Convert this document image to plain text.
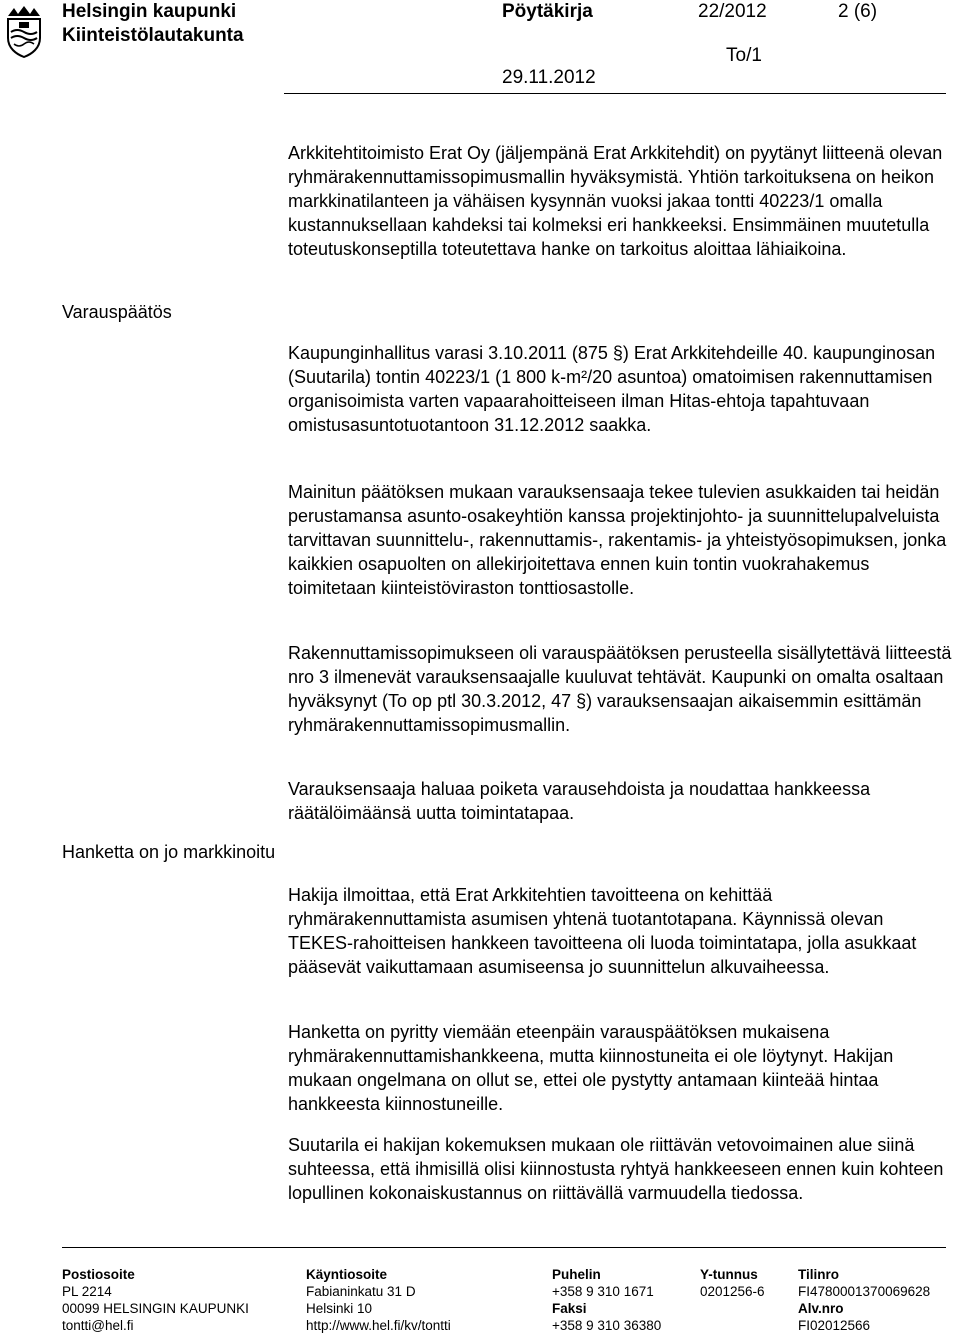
Helsingin kaupunki
Kiinteistölautakunta
Pöytäkirja	22/2012	2 (6)
To/1
29.11.2012
Varauspäätös
Hanketta on jo markkinoitu

Arkkitehtitoimisto Erat Oy (jäljempänä Erat Arkkitehdit) on pyytänyt liitteenä olevan ryhmärakennuttamissopimusmallin hyväksymistä. Yhtiön tarkoituksena on heikon markkinatilanteen ja vähäisen kysynnän vuoksi jakaa tontti 40223/1 omalla kustannuksellaan kahdeksi tai kolmeksi eri hankkeeksi. Ensimmäinen muutetulla toteutuskonseptilla toteutettava hanke on tarkoitus aloittaa lähiaikoina.

Kaupunginhallitus varasi 3.10.2011 (875 §) Erat Arkkitehdeille 40. kaupunginosan (Suutarila) tontin 40223/1 (1 800 k-m²/20 asuntoa) omatoimisen rakennuttamisen organisoimista varten vapaarahoitteiseen ilman Hitas-ehtoja tapahtuvaan omistusasuntotuotantoon 31.12.2012 saakka.

Mainitun päätöksen mukaan varauksensaaja tekee tulevien asukkaiden tai heidän perustamansa asunto-osakeyhtiön kanssa projektinjohto- ja suunnittelupalveluista tarvittavan suunnittelu-, rakennuttamis-, rakentamis- ja yhteistyösopimuksen, jonka kaikkien osapuolten on allekirjoitettava ennen kuin tontin vuokrahakemus toimitetaan kiinteistöviraston tonttiosastolle.

Rakennuttamissopimukseen oli varauspäätöksen perusteella sisällytettävä liitteestä nro 3 ilmenevät varauksensaajalle kuuluvat tehtävät. Kaupunki on omalta osaltaan hyväksynyt (To op ptl 30.3.2012, 47 §) varauksensaajan aikaisemmin esittämän ryhmärakennuttamissopimusmallin.

Varauksensaaja haluaa poiketa varausehdoista ja noudattaa hankkeessa räätälöimäänsä uutta toimintatapaa.

Hakija ilmoittaa, että Erat Arkkitehtien tavoitteena on kehittää ryhmärakennuttamista asumisen yhtenä tuotantotapana. Käynnissä olevan TEKES-rahoitteisen hankkeen tavoitteena oli luoda toimintatapa, jolla asukkaat pääsevät vaikuttamaan asumiseensa jo suunnittelun alkuvaiheessa.

Hanketta on pyritty viemään eteenpäin varauspäätöksen mukaisena ryhmärakennuttamishankkeena, mutta kiinnostuneita ei ole löytynyt. Hakijan mukaan ongelmana on ollut se, ettei ole pystytty antamaan kiinteää hintaa hankkeesta kiinnostuneille.

Suutarila ei hakijan kokemuksen mukaan ole riittävän vetovoimainen alue siinä suhteessa, että ihmisillä olisi kiinnostusta ryhtyä hankkeeseen ennen kuin kohteen lopullinen kokonaiskustannus on riittävällä varmuudella tiedossa.

Postiosoite
PL 2214
00099 HELSINGIN KAUPUNKI
tontti@hel.fi
Käyntiosoite
Fabianinkatu 31 D
Helsinki 10
http://www.hel.fi/kv/tontti
Puhelin
+358 9 310 1671
Faksi
+358 9 310 36380
Y-tunnus
0201256-6
Tilinro
FI4780001370069628
Alv.nro
FI02012566
